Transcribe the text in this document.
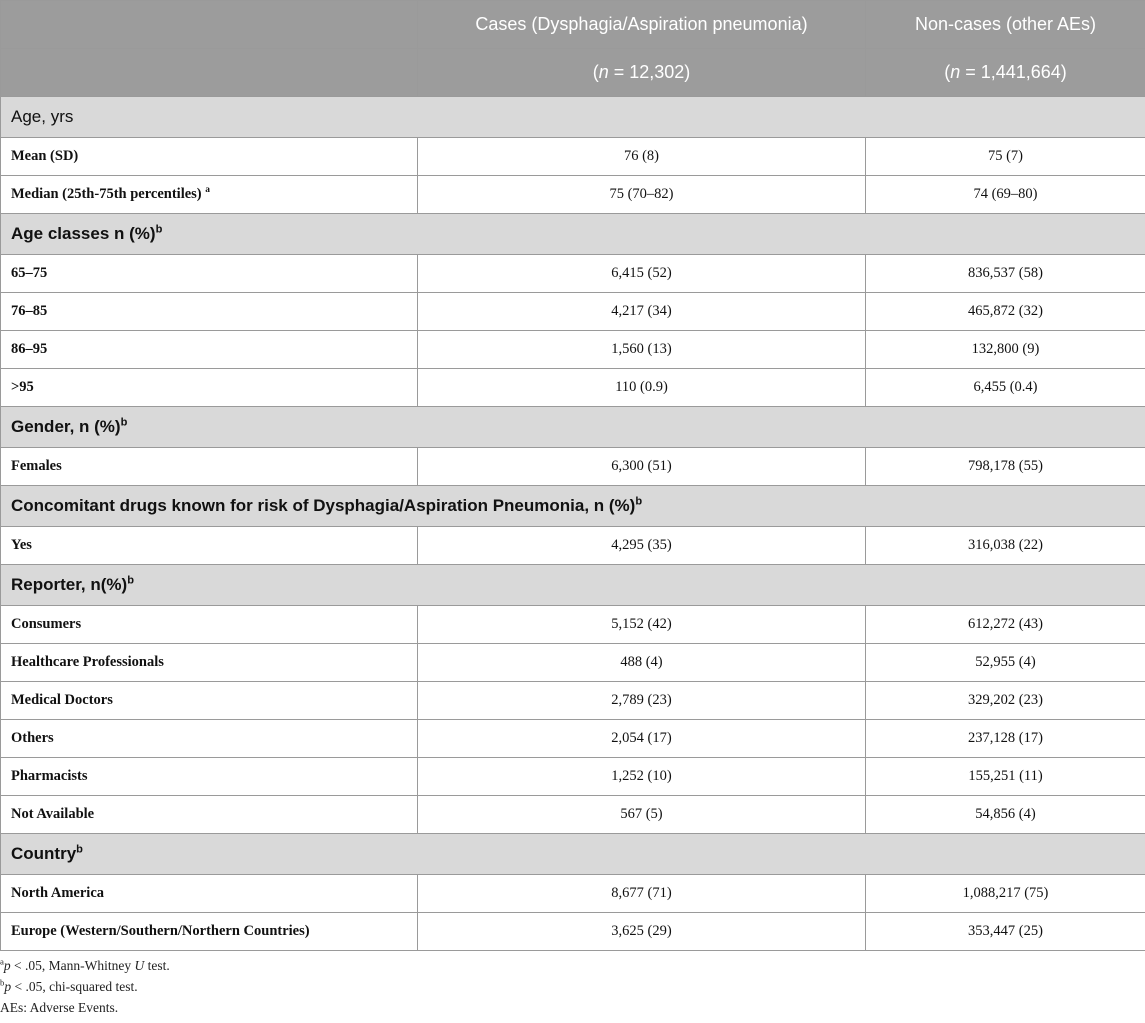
	Cases (Dysphagia/Aspiration pneumonia)	Non-cases (other AEs)
	(n = 12,302)	(n = 1,441,664)
Age, yrs		
Mean (SD)	76 (8)	75 (7)
Median (25th-75th percentiles) $^a$	75 (70–82)	74 (69–80)
Age classes n (%)$^b$
65–75	6,415 (52)	836,537 (58)
76–85	4,217 (34)	465,872 (32)
86–95	1,560 (13)	132,800 (9)
>95	110 (0.9)	6,455 (0.4)
Gender, n (%)$^b$
Females	6,300 (51)	798,178 (55)
Concomitant drugs known for risk of Dysphagia/Aspiration Pneumonia, n (%)$^b$
Yes	4,295 (35)	316,038 (22)
Reporter, n(%)$^b$
Consumers	5,152 (42)	612,272 (43)
Healthcare Professionals	488 (4)	52,955 (4)
Medical Doctors	2,789 (23)	329,202 (23)
Others	2,054 (17)	237,128 (17)
Pharmacists	1,252 (10)	155,251 (11)
Not Available	567 (5)	54,856 (4)
Country$^b$
North America	8,677 (71)	1,088,217 (75)
Europe (Western/Southern/Northern Countries)	3,625 (29)	353,447 (25)
$^a$p < .05, Mann-Whitney U test.
$^b$p < .05, chi-squared test.
AEs: Adverse Events.
